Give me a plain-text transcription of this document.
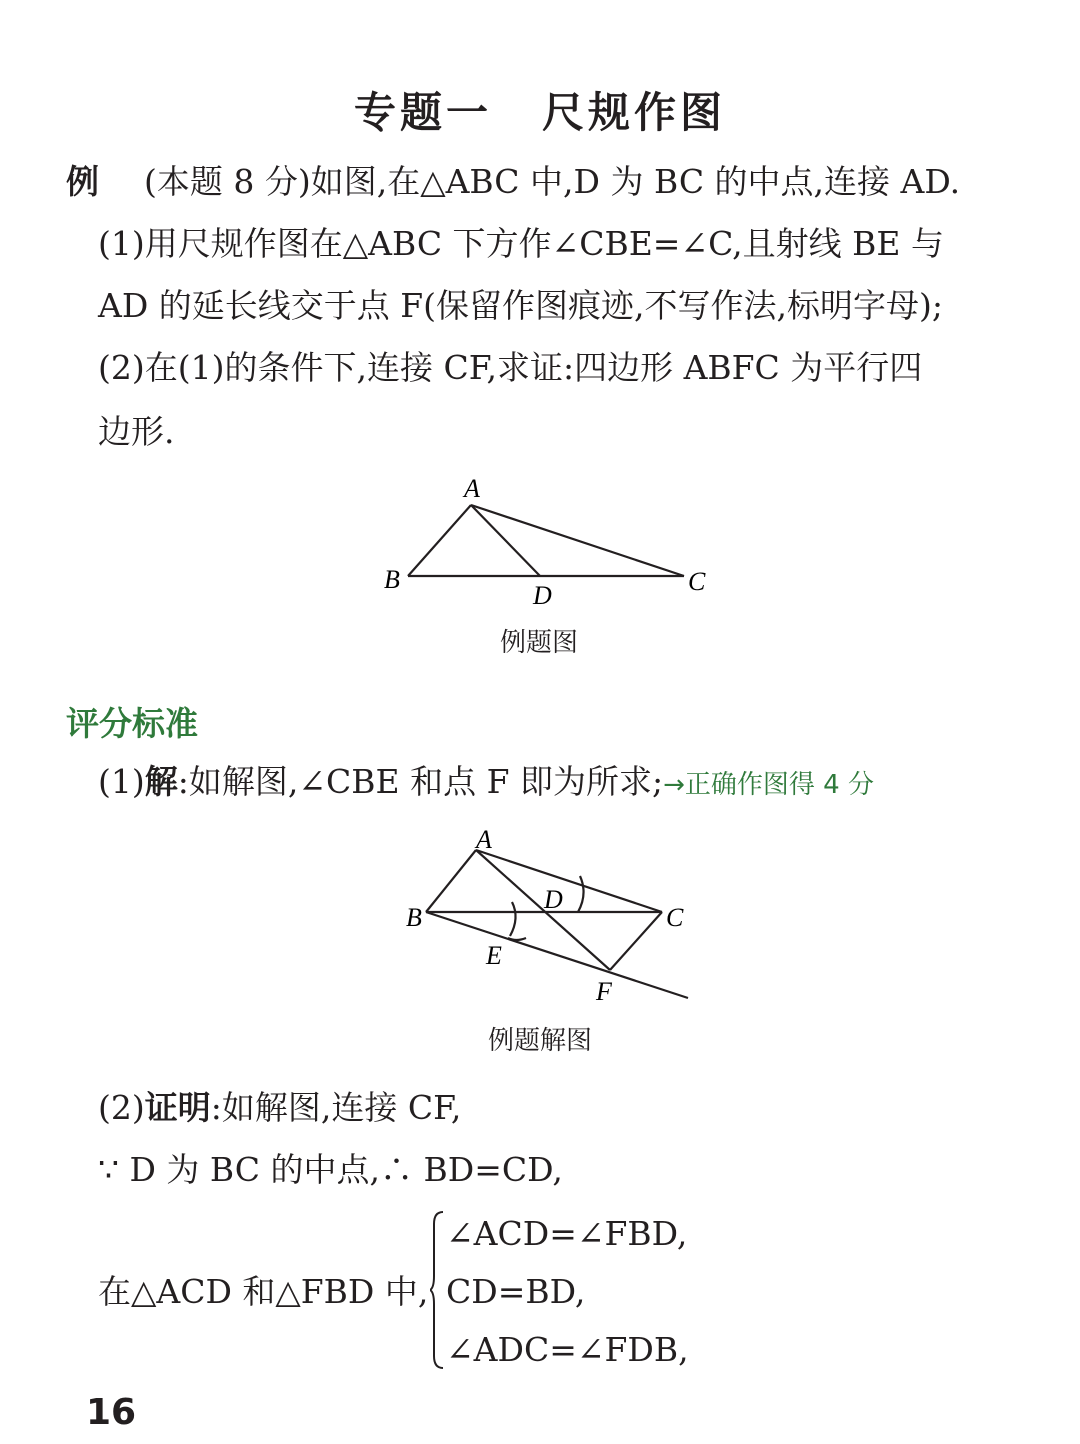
专题一 尺规作图
例 (本题 8 分)如图,在△ABC 中,D 为 BC 的中点,连接 AD.
(1)用尺规作图在△ABC 下方作∠CBE=∠C,且射线 BE 与
AD 的延长线交于点 F(保留作图痕迹,不写作法,标明字母);
(2)在(1)的条件下,连接 CF,求证:四边形 ABFC 为平行四
边形.
A
B	C
D
例题图
评分标准
(1)解:如解图,∠CBE 和点 F 即为所求;→正确作图得 4 分
A
B	C
D
E
F
例题解图
(2)证明:如解图,连接 CF,
∵ D 为 BC 的中点,∴ BD=CD,
在△ACD 和△FBD 中,
∠ACD=∠FBD,
CD=BD,
∠ADC=∠FDB,
16
